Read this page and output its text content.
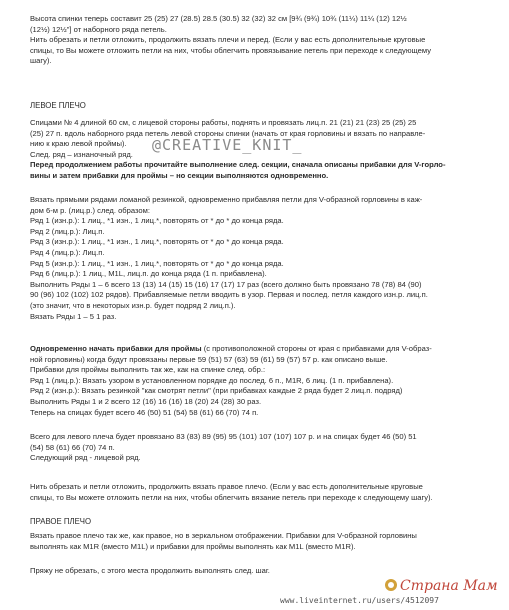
Высота спинки теперь составит 25 (25) 27 (28.5) 28.5 (30.5) 32 (32) 32 см [9¾ (9¾) 10¾ (11¼) 11¼ (12) 12½
(12½) 12½"] от наборного ряда петель.
Нить обрезать и петли отложить, продолжить вязать плечи и перед. (Если у вас есть дополнительные круговые
спицы, то Вы можете отложить петли на них, чтобы облегчить провязывание петель при переходе к следующему
шагу).

ЛЕВОЕ ПЛЕЧО

Спицами № 4 длиной 60 см, с лицевой стороны работы, поднять и провязать лиц.п. 21 (21) 21 (23) 25 (25) 25
(25) 27 п. вдоль наборного ряда петель левой стороны спинки (начать от края горловины и вязать по направле-
нию к краю левой проймы).
След. ряд – изнаночный ряд.
Перед продолжением работы прочитайте выполнение след. секции, сначала описаны прибавки для V-горло-
вины и затем прибавки для проймы – но секции выполняются одновременно.

@CREATIVE_KNIT_

Вязать прямыми рядами ломаной резинкой, одновременно прибавляя петли для V-образной горловины в каж-
дом 6-м р. (лиц.р.) след. образом:
Ряд 1 (изн.р.): 1 лиц., *1 изн., 1 лиц.*, повторять от * до * до конца ряда.
Ряд 2 (лиц.р.): Лиц.п.
Ряд 3 (изн.р.): 1 лиц., *1 изн., 1 лиц.*, повторять от * до * до конца ряда.
Ряд 4 (лиц.р.): Лиц.п.
Ряд 5 (изн.р.): 1 лиц., *1 изн., 1 лиц.*, повторять от * до * до конца ряда.
Ряд 6 (лиц.р.): 1 лиц., M1L, лиц.п. до конца ряда (1 п. прибавлена).
Выполнить Ряды 1 – 6 всего 13 (13) 14 (15) 15 (16) 17 (17) 17 раз (всего должно быть провязано 78 (78) 84 (90)
90 (96) 102 (102) 102 рядов). Прибавляемые петли вводить в узор. Первая и послед. петля каждого изн.р. лиц.п.
(это значит, что в некоторых изн.р. будет подряд 2 лиц.п.).
Вязать Ряды 1 – 5 1 раз.

Одновременно начать прибавки для проймы (с противоположной стороны от края с прибавками для V-образ-
ной горловины) когда будут провязаны первые 59 (51) 57 (63) 59 (61) 59 (57) 57 р. как описано выше.
Прибавки для проймы выполнить так же, как на спинке след. обр.:
Ряд 1 (лиц.р.): Вязать узором в установленном порядке до послед. 6 п., M1R, 6 лиц. (1 п. прибавлена).
Ряд 2 (изн.р.): Вязать резинкой "как смотрят петли" (при прибавках каждые 2 ряда будет 2 лиц.п. подряд)
Выполнить Ряды 1 и 2 всего 12 (16) 16 (16) 18 (20) 24 (28) 30 раз.
Теперь на спицах будет всего 46 (50) 51 (54) 58 (61) 66 (70) 74 п.

Всего для левого плеча будет провязано 83 (83) 89 (95) 95 (101) 107 (107) 107 р. и на спицах будет 46 (50) 51
(54) 58 (61) 66 (70) 74 п.
Следующий ряд - лицевой ряд.

Нить обрезать и петли отложить, продолжить вязать правое плечо. (Если у вас есть дополнительные круговые
спицы, то Вы можете отложить петли на них, чтобы облегчить вязание петель при переходе к следующему шагу).

ПРАВОЕ ПЛЕЧО

Вязать правое плечо так же, как правое, но в зеркальном отображении. Прибавки для V-образной горловины
выполнять как M1R (вместо M1L) и прибавки для проймы выполнять как M1L (вместо M1R).

Пряжу не обрезать, с этого места продолжить выполнять след. шаг.

www.liveinternet.ru/users/4512097
Страна Мам
